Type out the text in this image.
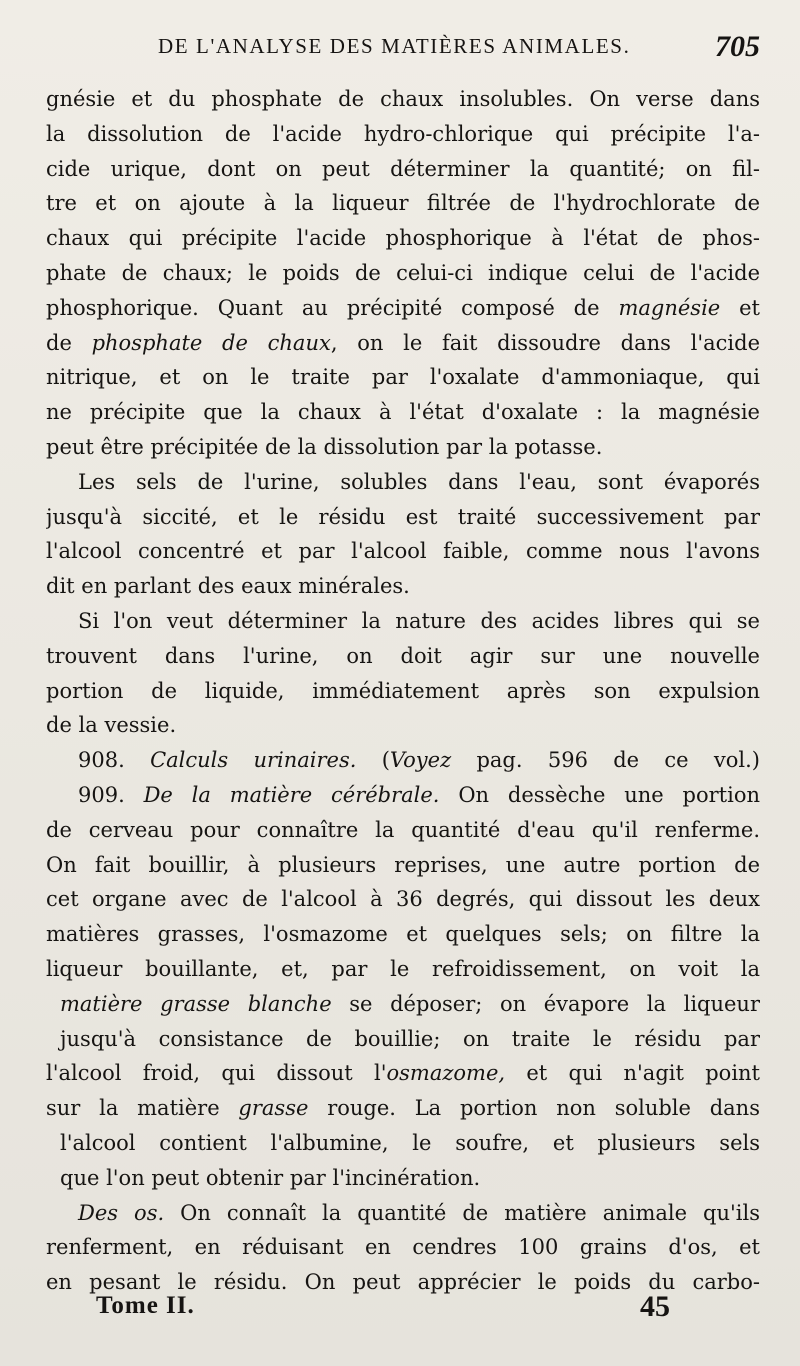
DE L'ANALYSE DES MATIÈRES ANIMALES.	705
gnésie et du phosphate de chaux insolubles. On verse dans
la dissolution de l'acide hydro-chlorique qui précipite l'a-
cide urique, dont on peut déterminer la quantité; on fil-
tre et on ajoute à la liqueur filtrée de l'hydrochlorate de
chaux qui précipite l'acide phosphorique à l'état de phos-
phate de chaux; le poids de celui-ci indique celui de l'acide
phosphorique. Quant au précipité composé de magnésie et
de phosphate de chaux, on le fait dissoudre dans l'acide
nitrique, et on le traite par l'oxalate d'ammoniaque, qui
ne précipite que la chaux à l'état d'oxalate : la magnésie
peut être précipitée de la dissolution par la potasse.
Les sels de l'urine, solubles dans l'eau, sont évaporés
jusqu'à siccité, et le résidu est traité successivement par
l'alcool concentré et par l'alcool faible, comme nous l'avons
dit en parlant des eaux minérales.
Si l'on veut déterminer la nature des acides libres qui se
trouvent dans l'urine, on doit agir sur une nouvelle
portion de liquide, immédiatement après son expulsion
de la vessie.
908. Calculs urinaires. (Voyez pag. 596 de ce vol.)
909. De la matière cérébrale. On dessèche une portion
de cerveau pour connaître la quantité d'eau qu'il renferme.
On fait bouillir, à plusieurs reprises, une autre portion de
cet organe avec de l'alcool à 36 degrés, qui dissout les deux
matières grasses, l'osmazome et quelques sels; on filtre la
liqueur bouillante, et, par le refroidissement, on voit la
matière grasse blanche se déposer; on évapore la liqueur
jusqu'à consistance de bouillie; on traite le résidu par
l'alcool froid, qui dissout l'osmazome, et qui n'agit point
sur la matière grasse rouge. La portion non soluble dans
l'alcool contient l'albumine, le soufre, et plusieurs sels
que l'on peut obtenir par l'incinération.
Des os. On connaît la quantité de matière animale qu'ils
renferment, en réduisant en cendres 100 grains d'os, et
en pesant le résidu. On peut apprécier le poids du carbo-
Tome II.	45
